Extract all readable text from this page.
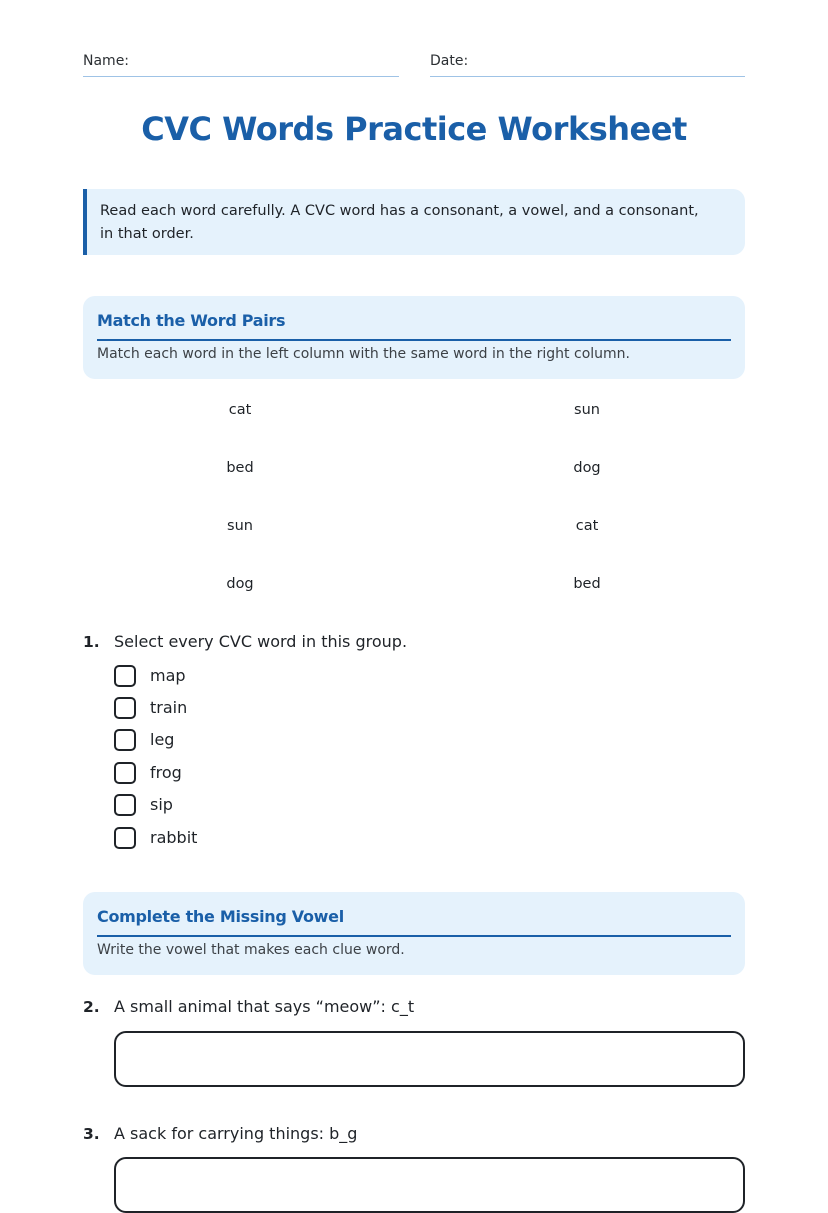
Name:	Date:
CVC Words Practice Worksheet

Read each word carefully. A CVC word has a consonant, a vowel, and a consonant, in that order.

Match the Word Pairs
Match each word in the left column with the same word in the right column.
cat
bed
sun
dog
sun
dog
cat
bed
1. Select every CVC word in this group.
map
train
leg
frog
sip
rabbit
Complete the Missing Vowel
Write the vowel that makes each clue word.
2. A small animal that says “meow”: c_t
3. A sack for carrying things: b_g
